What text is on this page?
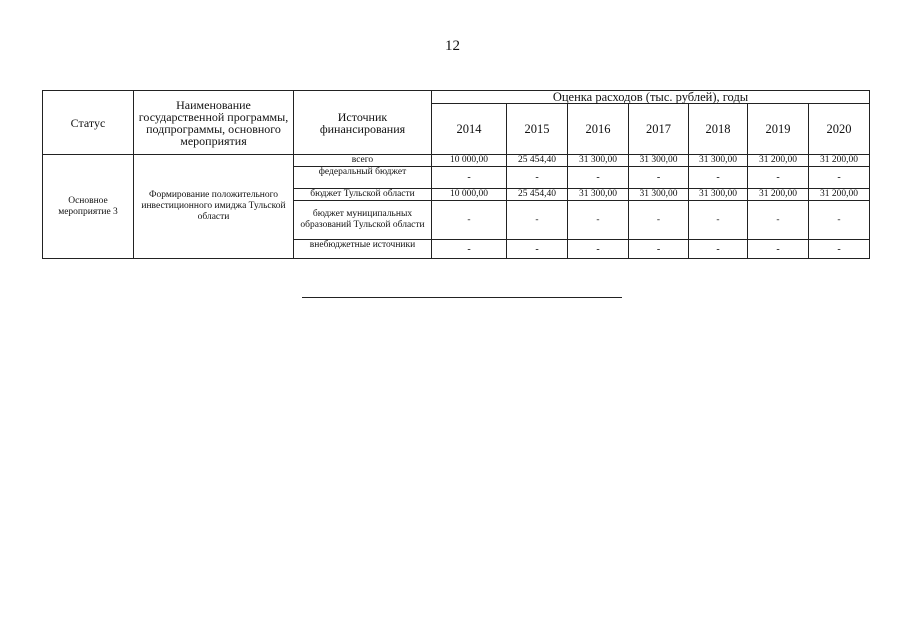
12
Статус	Наименование государственной программы, подпрограммы, основного мероприятия	Источник финансирования	Оценка расходов (тыс. рублей), годы						
			2014	2015	2016	2017	2018	2019	2020
Основное мероприятие 3	Формирование положительного инвестиционного имиджа Тульской области	всего	10 000,00	25 454,40	31 300,00	31 300,00	31 300,00	31 200,00	31 200,00
		федеральный бюджет	-	-	-	-	-	-	-
		бюджет Тульской области	10 000,00	25 454,40	31 300,00	31 300,00	31 300,00	31 200,00	31 200,00
		бюджет муниципальных образований Тульской области	-	-	-	-	-	-	-
		внебюджетные источники	-	-	-	-	-	-	-
